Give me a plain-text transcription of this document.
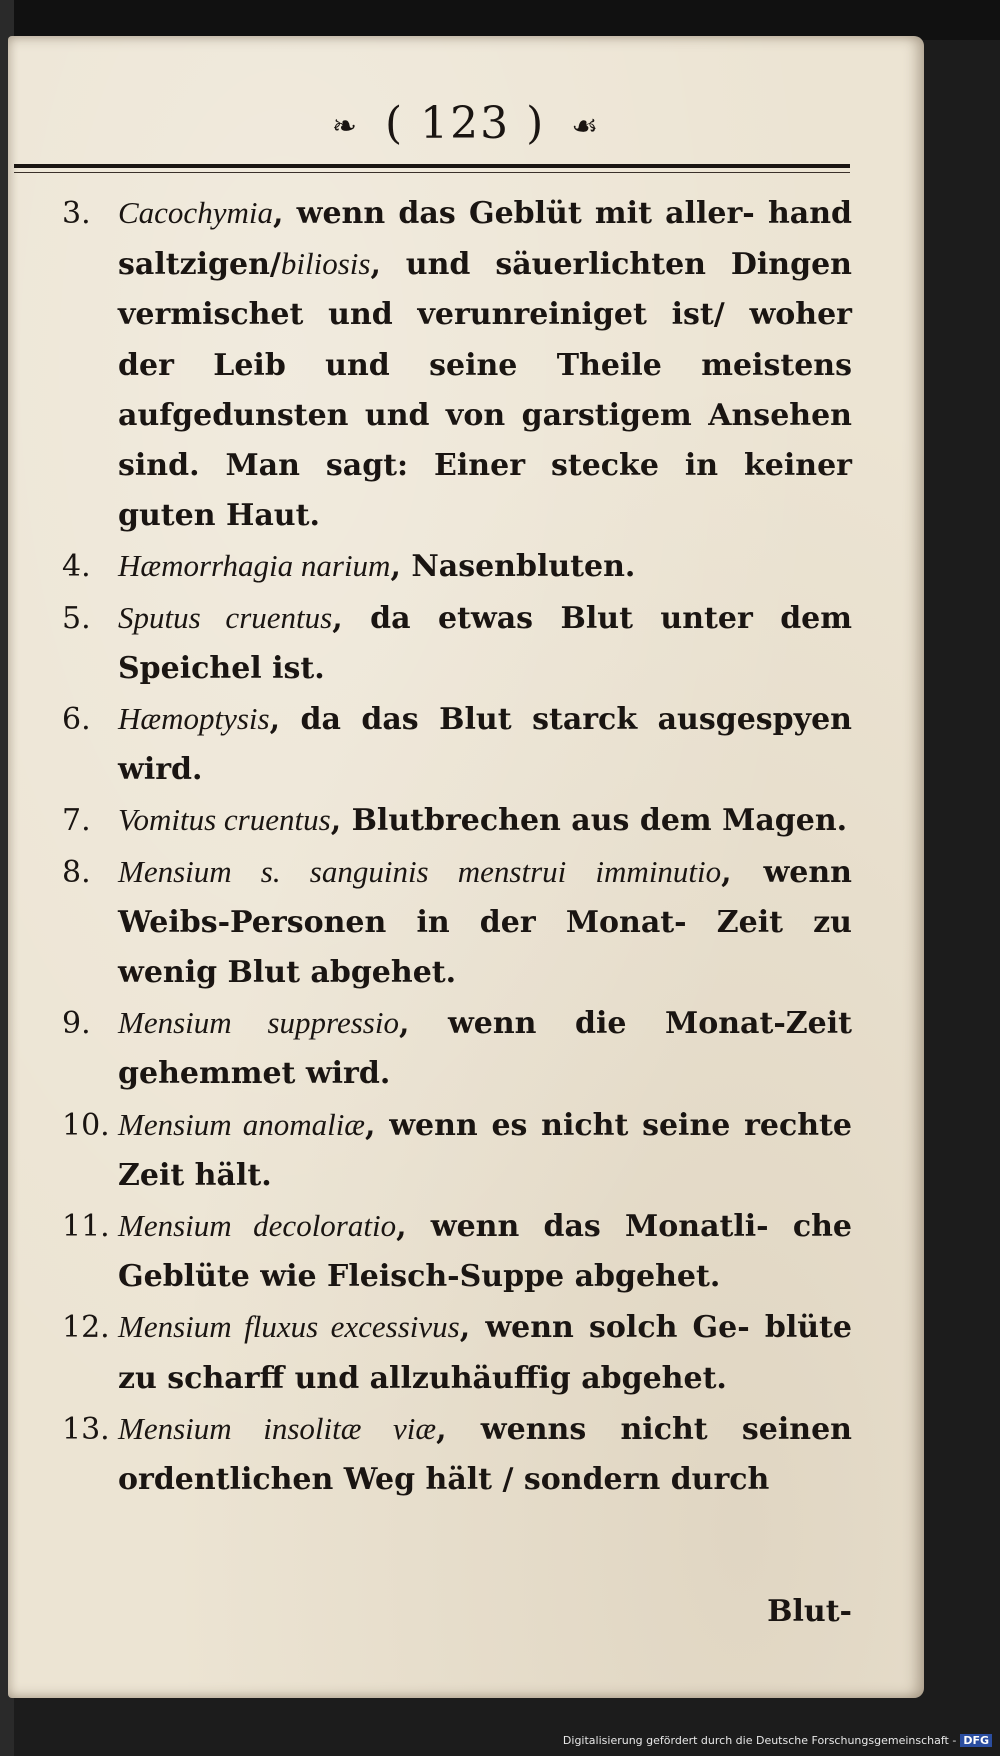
❧ ( 123 ) ☙
3. Cacochymia, wenn das Geblüt mit aller- hand saltzigen/biliosis, und säuerlichten Dingen vermischet und verunreiniget ist/ woher der Leib und seine Theile meistens aufgedunsten und von garstigem Ansehen sind. Man sagt: Einer stecke in keiner guten Haut.
4. Hæmorrhagia narium, Nasenbluten.
5. Sputus cruentus, da etwas Blut unter dem Speichel ist.
6. Hæmoptysis, da das Blut starck ausgespyen wird.
7. Vomitus cruentus, Blutbrechen aus dem Magen.
8. Mensium s. sanguinis menstrui imminutio, wenn Weibs-Personen in der Monat- Zeit zu wenig Blut abgehet.
9. Mensium suppressio, wenn die Monat-Zeit gehemmet wird.
10. Mensium anomaliæ, wenn es nicht seine rechte Zeit hält.
11. Mensium decoloratio, wenn das Monatli- che Geblüte wie Fleisch-Suppe abgehet.
12. Mensium fluxus excessivus, wenn solch Ge- blüte zu scharff und allzuhäuffig abgehet.
13. Mensium insolitæ viæ, wenns nicht seinen ordentlichen Weg hält / sondern durch
Blut-
Digitalisierung gefördert durch die Deutsche Forschungsgemeinschaft - DFG
